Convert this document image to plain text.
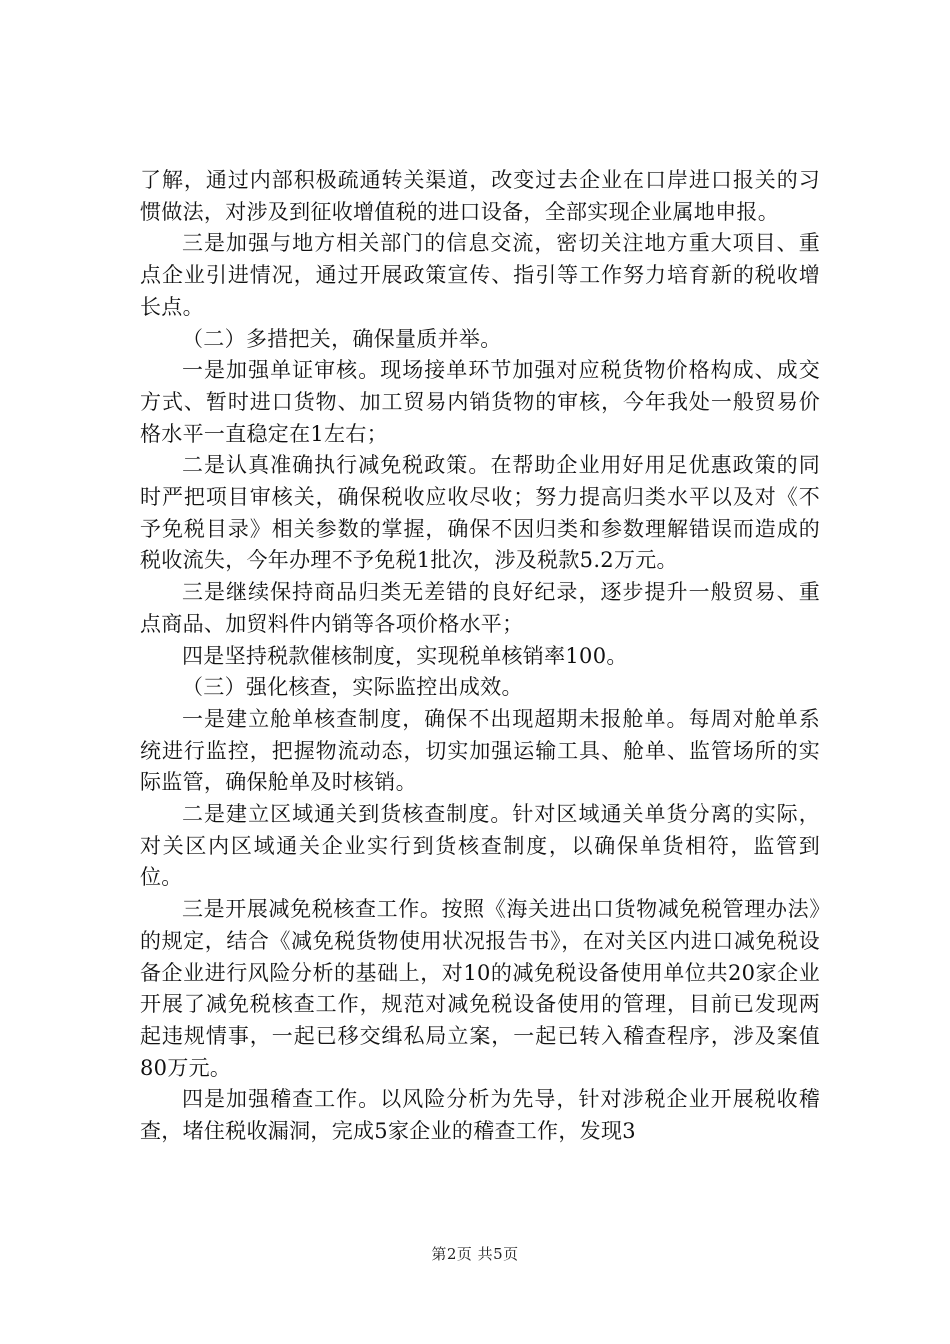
了解，通过内部积极疏通转关渠道，改变过去企业在口岸进口报关的习惯做法，对涉及到征收增值税的进口设备，全部实现企业属地申报。

三是加强与地方相关部门的信息交流，密切关注地方重大项目、重点企业引进情况，通过开展政策宣传、指引等工作努力培育新的税收增长点。

（二）多措把关，确保量质并举。

一是加强单证审核。现场接单环节加强对应税货物价格构成、成交方式、暂时进口货物、加工贸易内销货物的审核，今年我处一般贸易价格水平一直稳定在1左右；

二是认真准确执行减免税政策。在帮助企业用好用足优惠政策的同时严把项目审核关，确保税收应收尽收；努力提高归类水平以及对《不予免税目录》相关参数的掌握，确保不因归类和参数理解错误而造成的税收流失，今年办理不予免税1批次，涉及税款5.2万元。

三是继续保持商品归类无差错的良好纪录，逐步提升一般贸易、重点商品、加贸料件内销等各项价格水平；

四是坚持税款催核制度，实现税单核销率100。

（三）强化核查，实际监控出成效。

一是建立舱单核查制度，确保不出现超期未报舱单。每周对舱单系统进行监控，把握物流动态，切实加强运输工具、舱单、监管场所的实际监管，确保舱单及时核销。

二是建立区域通关到货核查制度。针对区域通关单货分离的实际，对关区内区域通关企业实行到货核查制度，以确保单货相符，监管到位。

三是开展减免税核查工作。按照《海关进出口货物减免税管理办法》的规定，结合《减免税货物使用状况报告书》，在对关区内进口减免税设备企业进行风险分析的基础上，对10的减免税设备使用单位共20家企业开展了减免税核查工作，规范对减免税设备使用的管理，目前已发现两起违规情事，一起已移交缉私局立案，一起已转入稽查程序，涉及案值80万元。

四是加强稽查工作。以风险分析为先导，针对涉税企业开展税收稽查，堵住税收漏洞，完成5家企业的稽查工作，发现3

第2页 共5页
